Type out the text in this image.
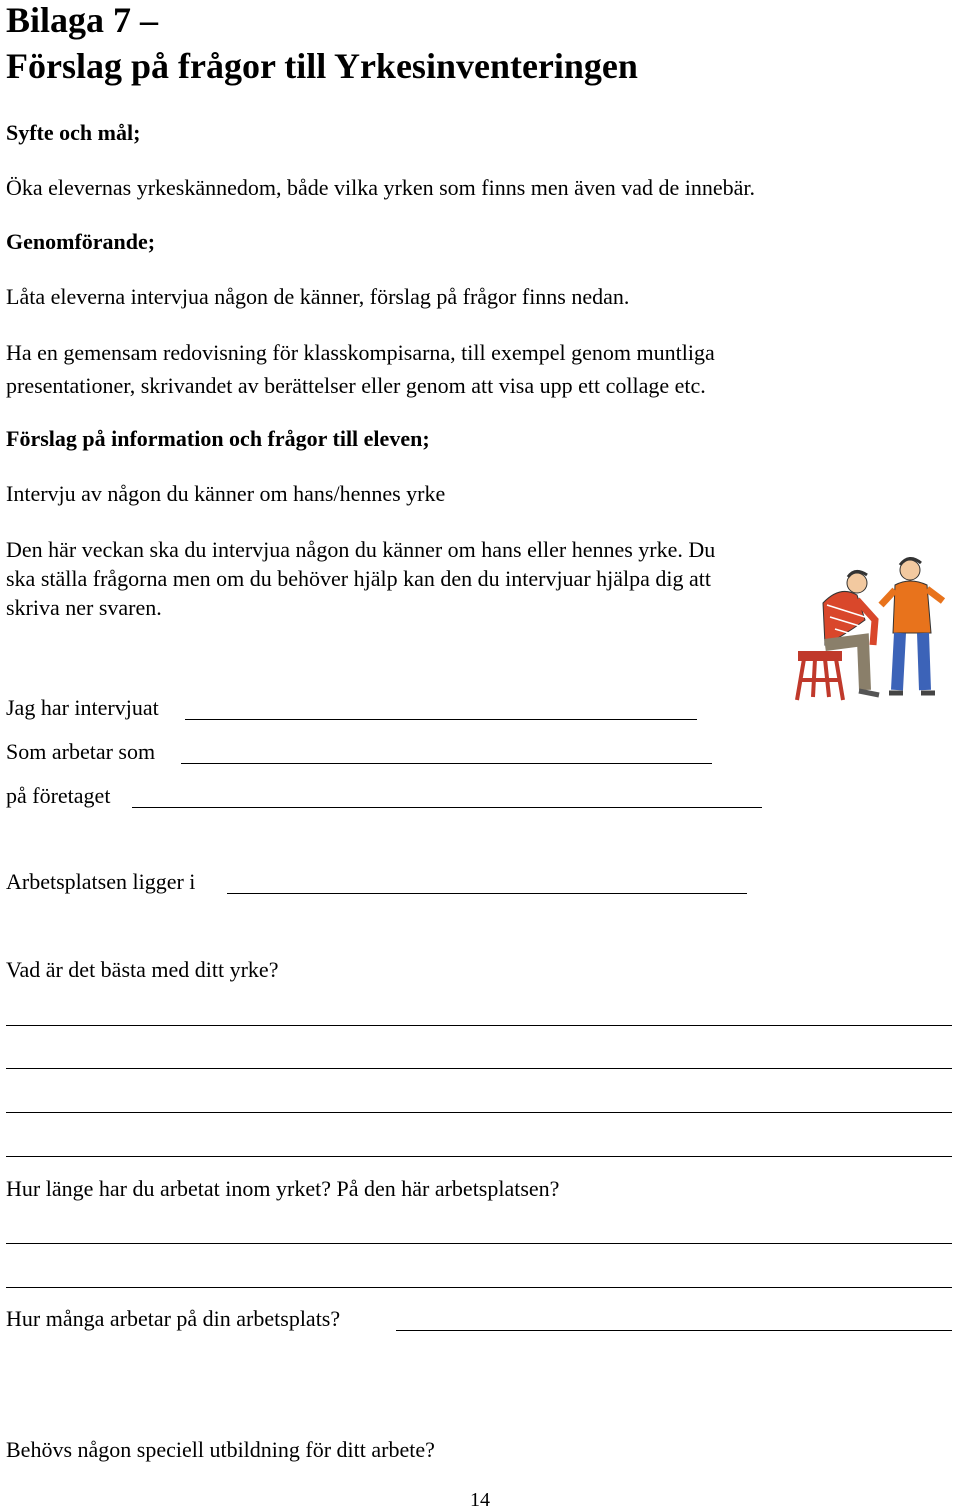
Bilaga 7 –
Förslag på frågor till Yrkesinventeringen
Syfte och mål;
Öka elevernas yrkeskännedom, både vilka yrken som finns men även vad de innebär.
Genomförande;
Låta eleverna intervjua någon de känner, förslag på frågor finns nedan.

Ha en gemensam redovisning för klasskompisarna, till exempel genom muntliga presentationer, skrivandet av berättelser eller genom att visa upp ett collage etc.

Förslag på information och frågor till eleven;
Intervju av någon du känner om hans/hennes yrke

Den här veckan ska du intervjua någon du känner om hans eller hennes yrke. Du ska ställa frågorna men om du behöver hjälp kan den du intervjuar hjälpa dig att skriva ner svaren.

Jag har intervjuat
Som arbetar som
på företaget
Arbetsplatsen ligger i
Vad är det bästa med ditt yrke?
Hur länge har du arbetat inom yrket? På den här arbetsplatsen?
Hur många arbetar på din arbetsplats?
Behövs någon speciell utbildning för ditt arbete?
14
